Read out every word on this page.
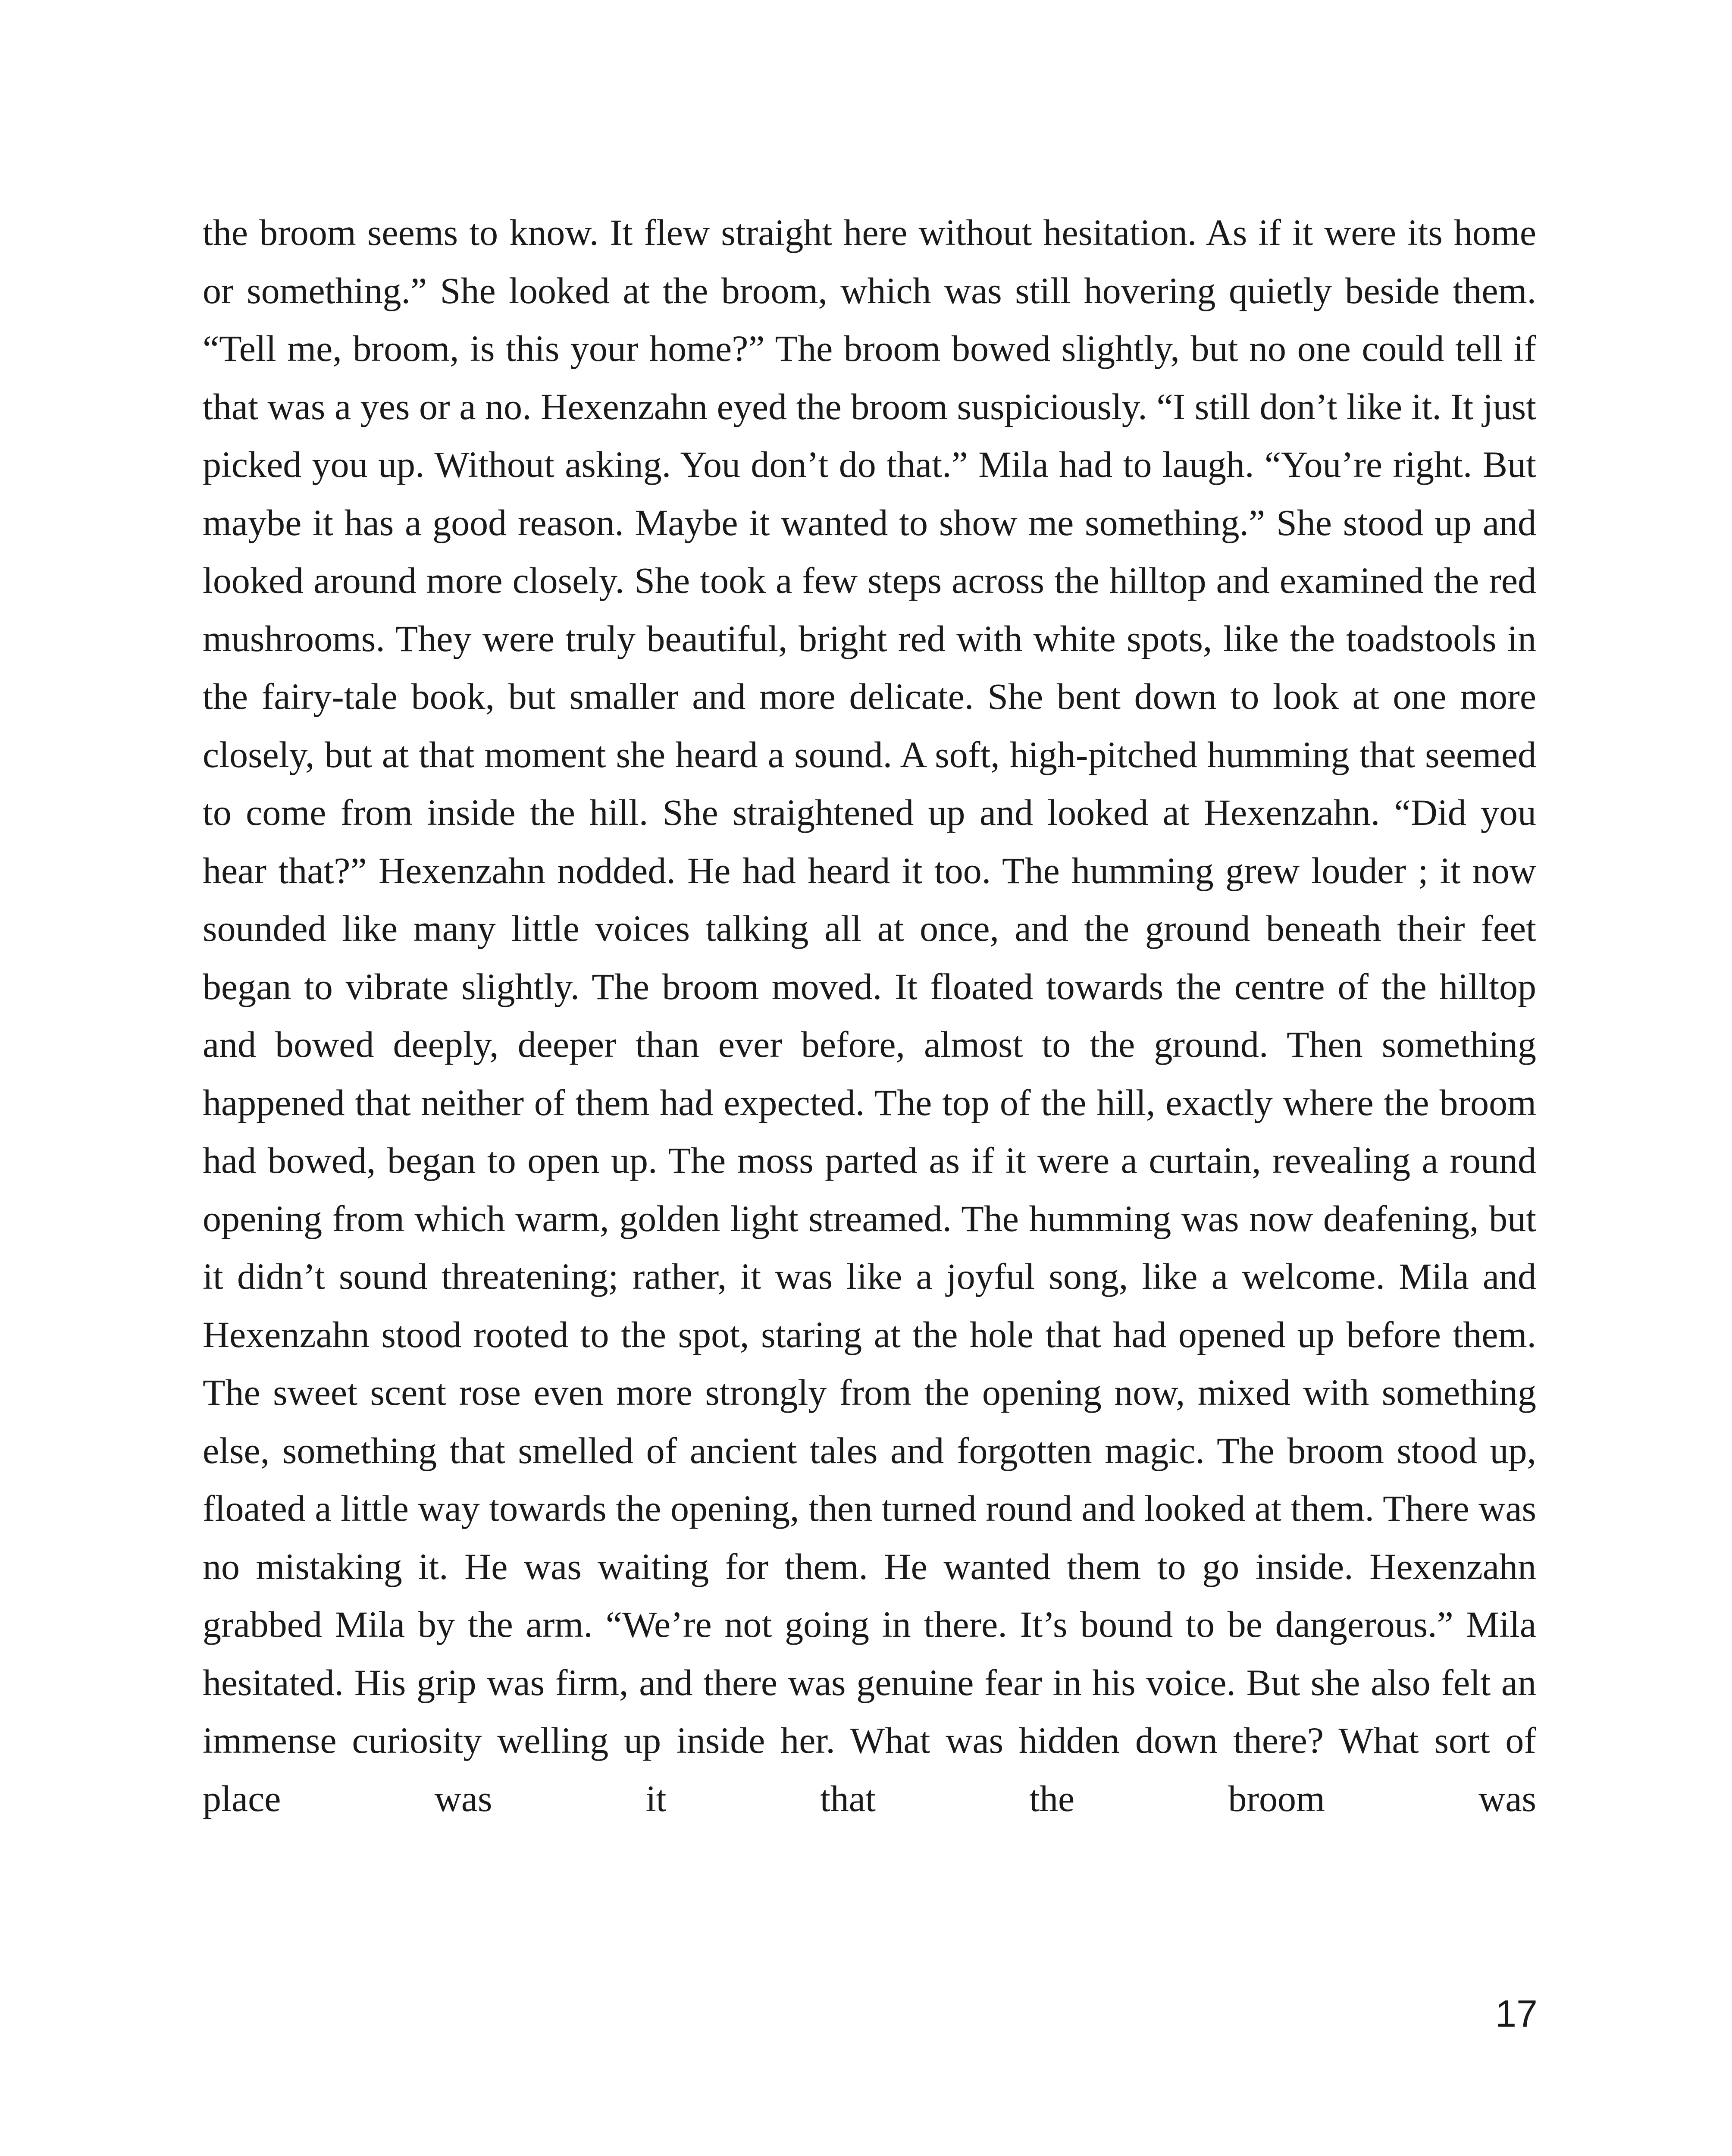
the broom seems to know. It flew straight here without hesitation. As if it were its home or something.” She looked at the broom, which was still hovering quietly beside them. “Tell me, broom, is this your home?” The broom bowed slightly, but no one could tell if that was a yes or a no. Hexenzahn eyed the broom suspiciously. “I still don’t like it. It just picked you up. Without asking. You don’t do that.” Mila had to laugh. “You’re right. But maybe it has a good reason. Maybe it wanted to show me something.” She stood up and looked around more closely. She took a few steps across the hilltop and examined the red mushrooms. They were truly beautiful, bright red with white spots, like the toadstools in the fairy-tale book, but smaller and more delicate. She bent down to look at one more closely, but at that moment she heard a sound. A soft, high-pitched humming that seemed to come from inside the hill. She straightened up and looked at Hexenzahn. “Did you hear that?” Hexenzahn nodded. He had heard it too. The humming grew louder ; it now sounded like many little voices talking all at once, and the ground beneath their feet began to vibrate slightly. The broom moved. It floated towards the centre of the hilltop and bowed deeply, deeper than ever before, almost to the ground. Then something happened that neither of them had expected. The top of the hill, exactly where the broom had bowed, began to open up. The moss parted as if it were a curtain, revealing a round opening from which warm, golden light streamed. The humming was now deafening, but it didn’t sound threatening; rather, it was like a joyful song, like a welcome. Mila and Hexenzahn stood rooted to the spot, staring at the hole that had opened up before them. The sweet scent rose even more strongly from the opening now, mixed with something else, something that smelled of ancient tales and forgotten magic. The broom stood up, floated a little way towards the opening, then turned round and looked at them. There was no mistaking it. He was waiting for them. He wanted them to go inside. Hexenzahn grabbed Mila by the arm. “We’re not going in there. It’s bound to be dangerous.” Mila hesitated. His grip was firm, and there was genuine fear in his voice. But she also felt an immense curiosity welling up inside her. What was hidden down there? What sort of place was it that the broom was

17
